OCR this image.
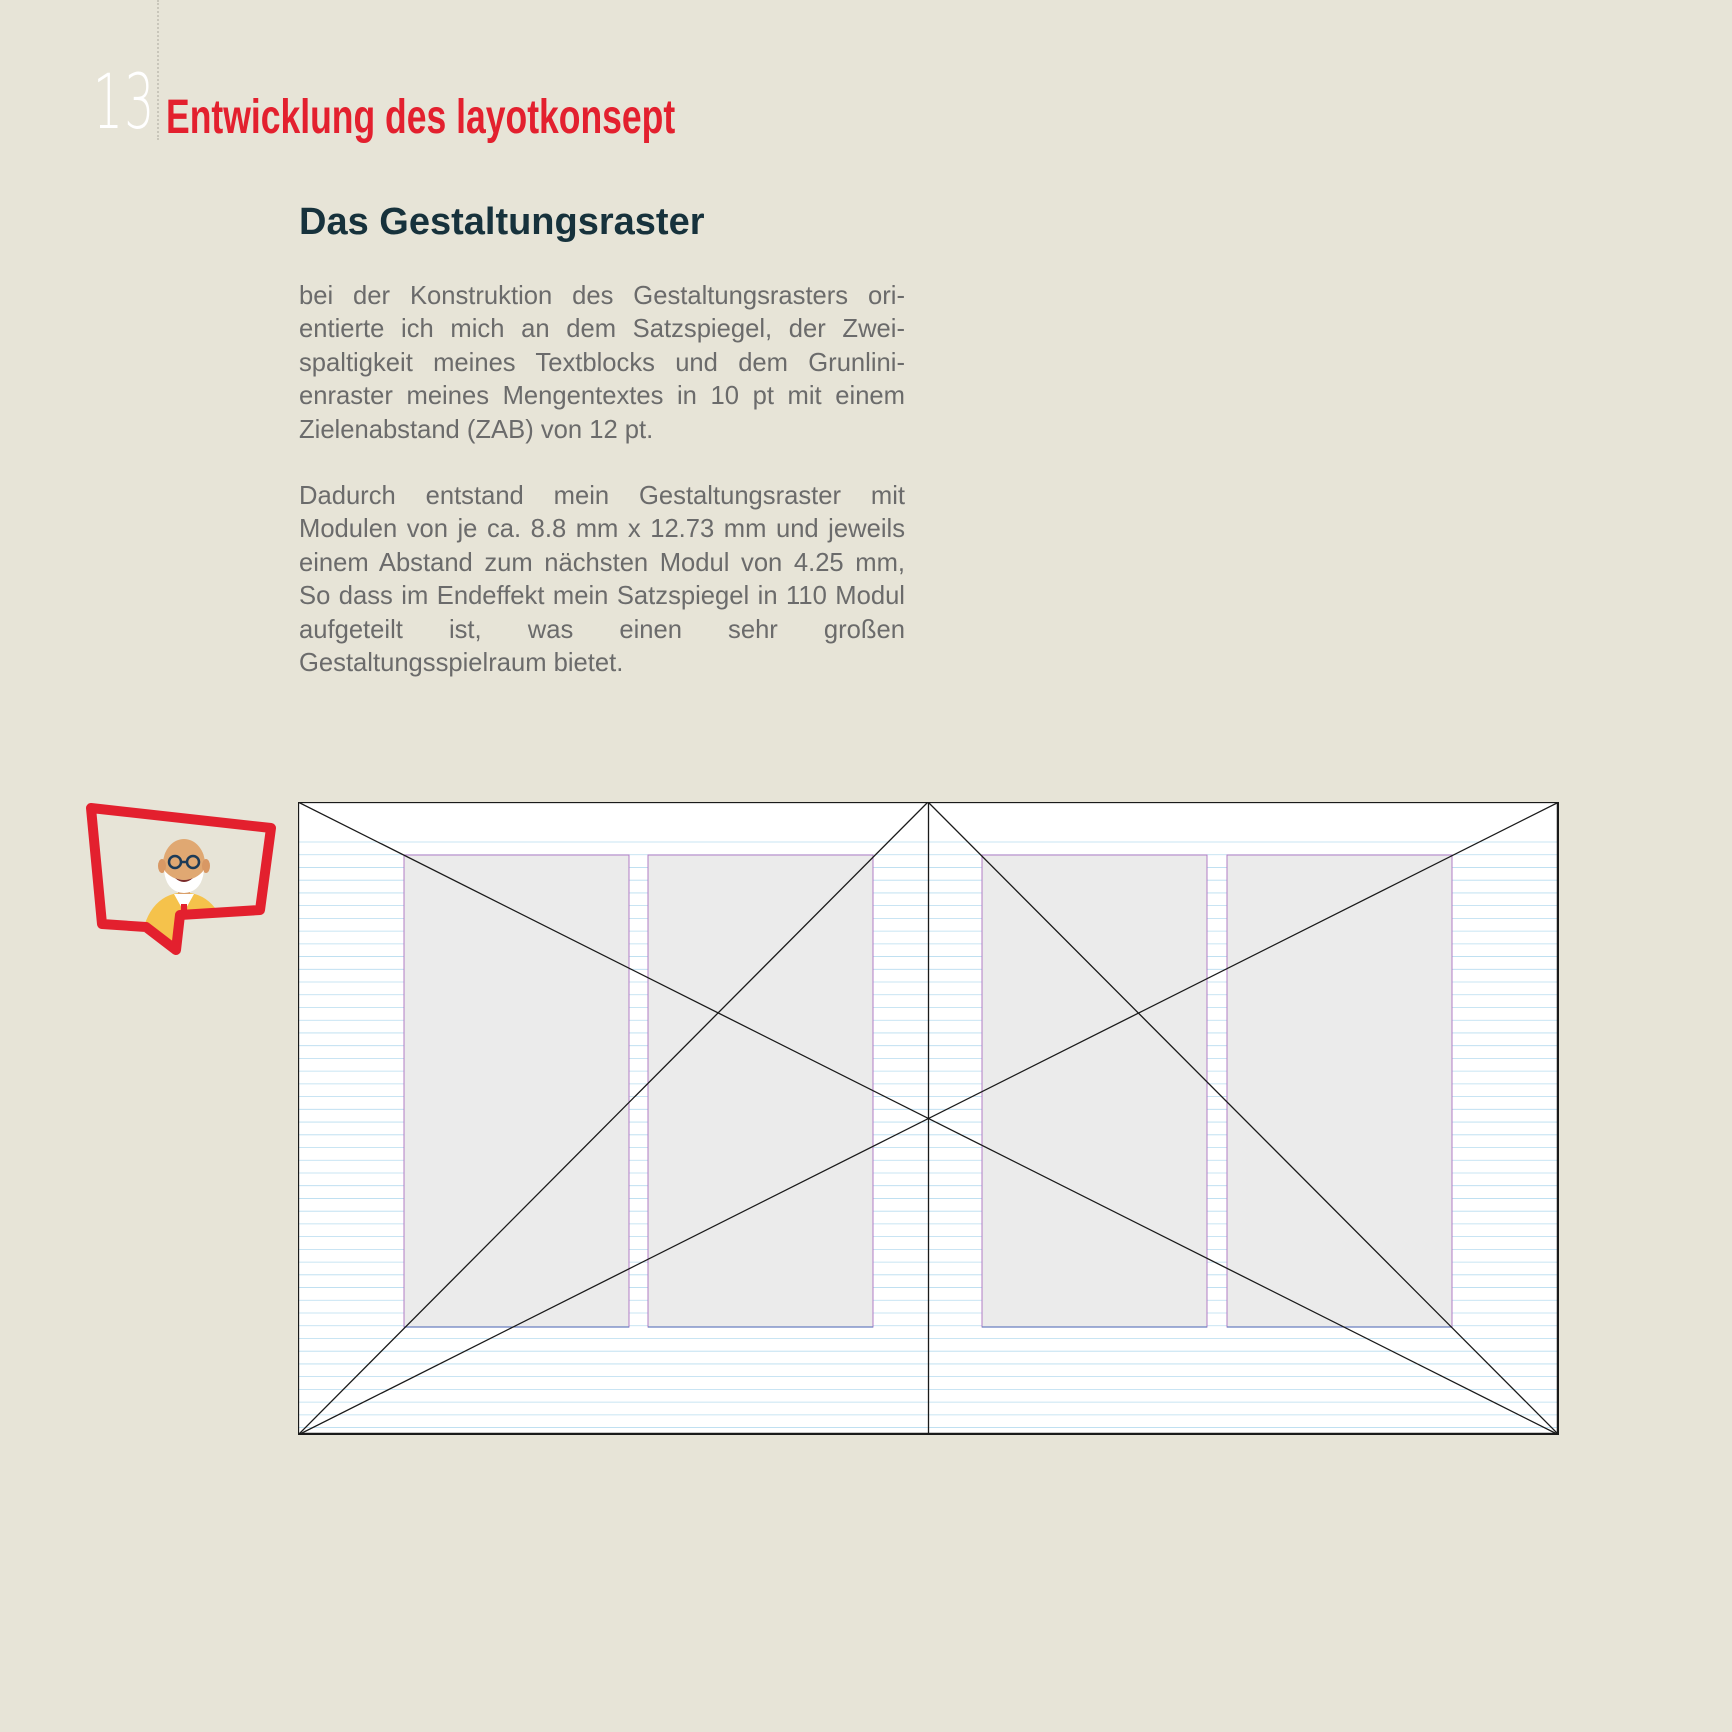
13 Entwicklung des layotkonsept
Das Gestaltungsraster

bei der Konstruktion des Gestaltungsrasters orientierte ich mich an dem Satzspiegel, der Zweispaltigkeit meines Textblocks und dem Grunlinienraster meines Mengentextes in 10 pt mit einem Zielenabstand (ZAB) von 12 pt.

Dadurch entstand mein Gestaltungsraster mit Modulen von je ca. 8.8 mm x 12.73 mm und jeweils einem Abstand zum nächsten Modul von 4.25 mm, So dass im Endeffekt mein Satzspiegel in 110 Modul aufgeteilt ist, was einen sehr großen Gestaltungsspielraum bietet.
